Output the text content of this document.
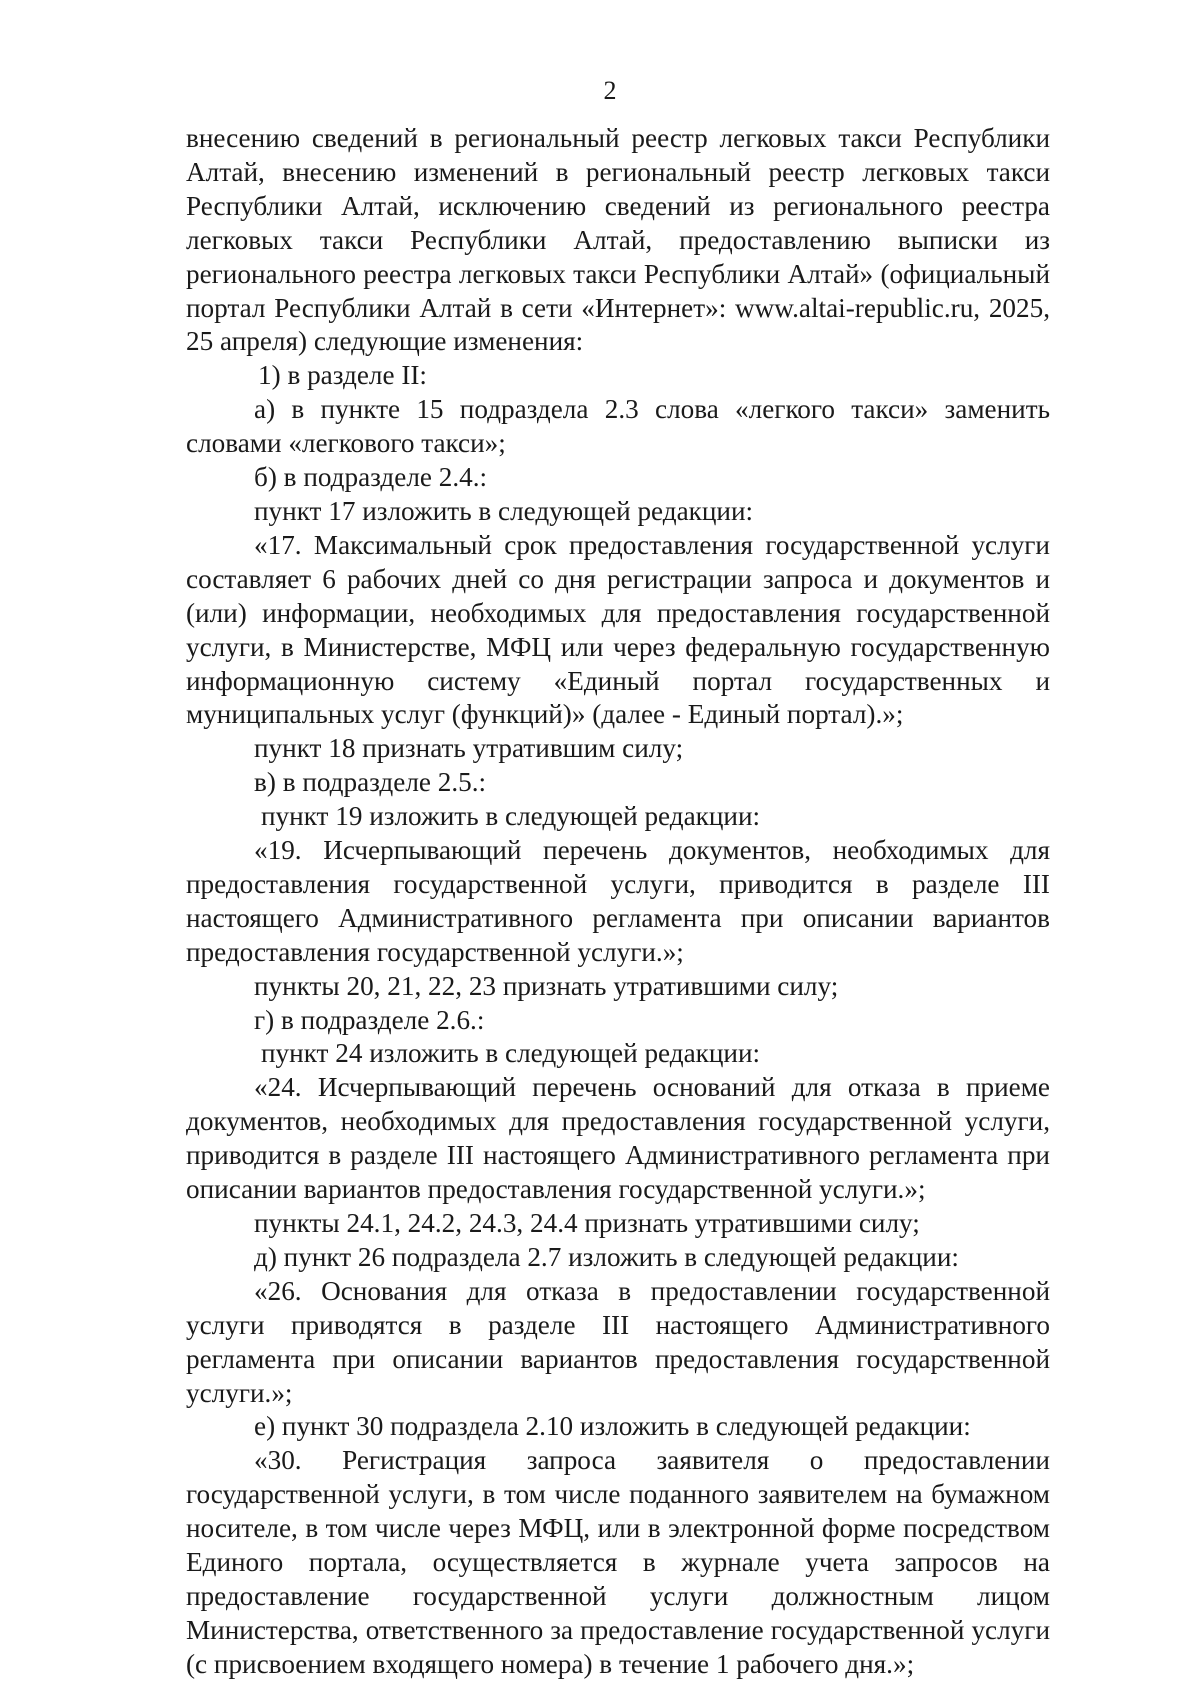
2

внесению сведений в региональный реестр легковых такси Республики Алтай, внесению изменений в региональный реестр легковых такси Республики Алтай, исключению сведений из регионального реестра легковых такси Республики Алтай, предоставлению выписки из регионального реестра легковых такси Республики Алтай» (официальный портал Республики Алтай в сети «Интернет»: www.altai-republic.ru, 2025, 25 апреля) следующие изменения:

1) в разделе II:

а) в пункте 15 подраздела 2.3 слова «легкого такси» заменить словами «легкового такси»;

б) в подразделе 2.4.:

пункт 17 изложить в следующей редакции:

«17. Максимальный срок предоставления государственной услуги составляет 6 рабочих дней со дня регистрации запроса и документов и (или) информации, необходимых для предоставления государственной услуги, в Министерстве, МФЦ или через федеральную государственную информационную систему «Единый портал государственных и муниципальных услуг (функций)» (далее - Единый портал).»;

пункт 18 признать утратившим силу;

в) в подразделе 2.5.:

пункт 19 изложить в следующей редакции:

«19. Исчерпывающий перечень документов, необходимых для предоставления государственной услуги, приводится в разделе III настоящего Административного регламента при описании вариантов предоставления государственной услуги.»;

пункты 20, 21, 22, 23 признать утратившими силу;

г) в подразделе 2.6.:

пункт 24 изложить в следующей редакции:

«24. Исчерпывающий перечень оснований для отказа в приеме документов, необходимых для предоставления государственной услуги, приводится в разделе III настоящего Административного регламента при описании вариантов предоставления государственной услуги.»;

пункты 24.1, 24.2, 24.3, 24.4 признать утратившими силу;

д) пункт 26 подраздела 2.7 изложить в следующей редакции:

«26. Основания для отказа в предоставлении государственной услуги приводятся в разделе III настоящего Административного регламента при описании вариантов предоставления государственной услуги.»;

е) пункт 30 подраздела 2.10 изложить в следующей редакции:

«30. Регистрация запроса заявителя о предоставлении государственной услуги, в том числе поданного заявителем на бумажном носителе, в том числе через МФЦ, или в электронной форме посредством Единого портала, осуществляется в журнале учета запросов на предоставление государственной услуги должностным лицом Министерства, ответственного за предоставление государственной услуги (с присвоением входящего номера) в течение 1 рабочего дня.»;
